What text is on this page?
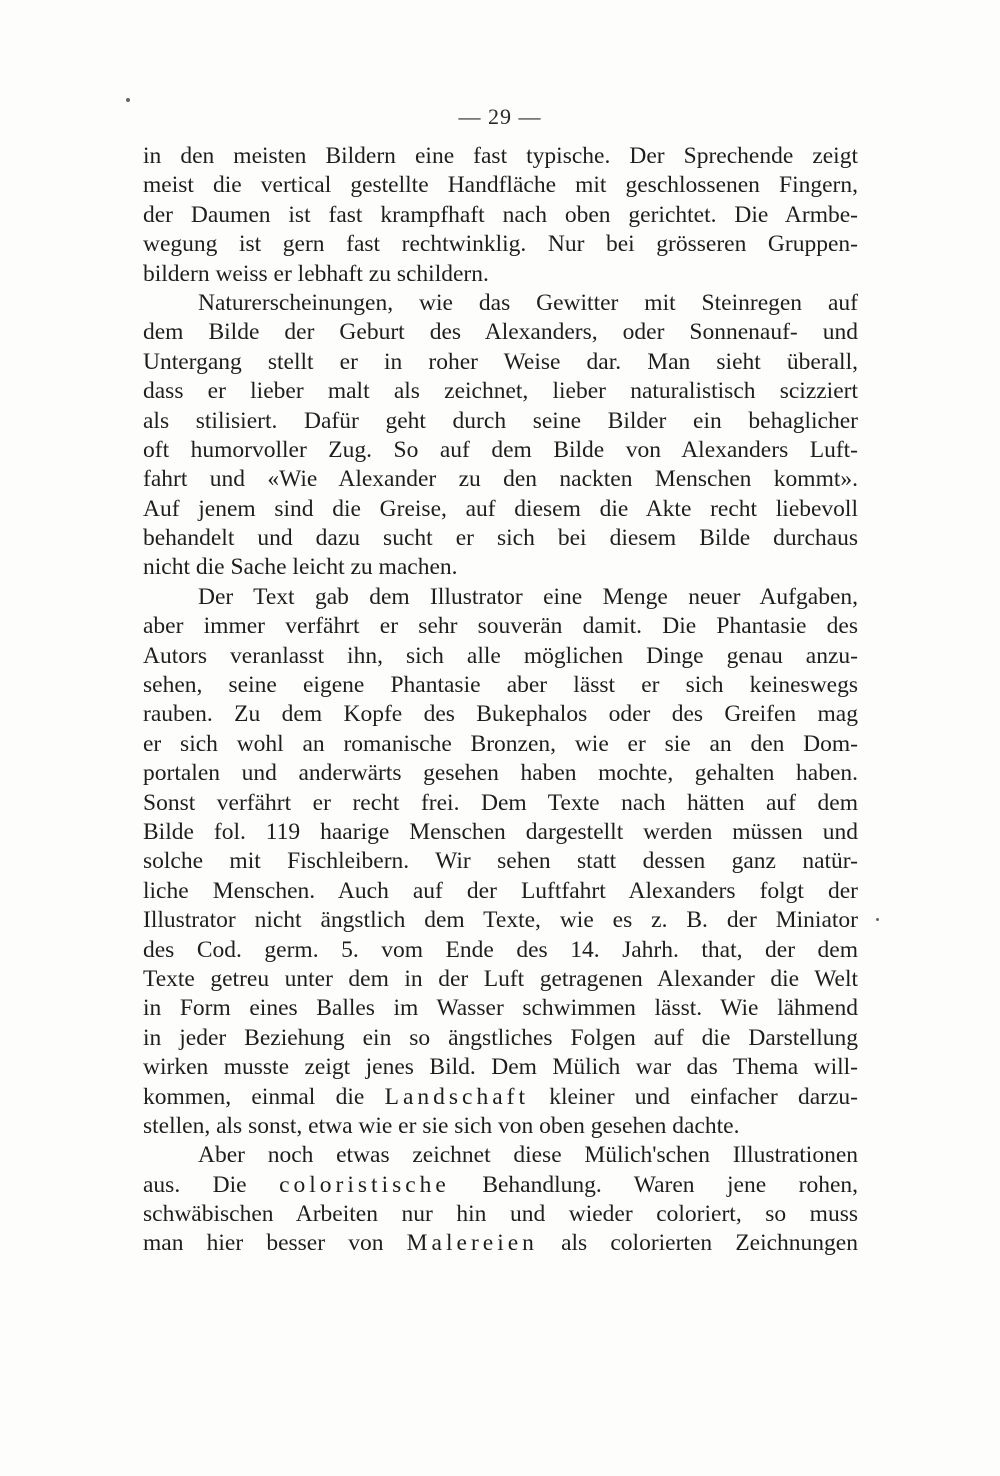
— 29 —
in den meisten Bildern eine fast typische. Der Sprechende zeigt
meist die vertical gestellte Handfläche mit geschlossenen Fingern,
der Daumen ist fast krampfhaft nach oben gerichtet. Die Armbe-
wegung ist gern fast rechtwinklig. Nur bei grösseren Gruppen-
bildern weiss er lebhaft zu schildern.
Naturerscheinungen, wie das Gewitter mit Steinregen auf
dem Bilde der Geburt des Alexanders, oder Sonnenauf- und
Untergang stellt er in roher Weise dar. Man sieht überall,
dass er lieber malt als zeichnet, lieber naturalistisch scizziert
als stilisiert. Dafür geht durch seine Bilder ein behaglicher
oft humorvoller Zug. So auf dem Bilde von Alexanders Luft-
fahrt und «Wie Alexander zu den nackten Menschen kommt».
Auf jenem sind die Greise, auf diesem die Akte recht liebevoll
behandelt und dazu sucht er sich bei diesem Bilde durchaus
nicht die Sache leicht zu machen.
Der Text gab dem Illustrator eine Menge neuer Aufgaben,
aber immer verfährt er sehr souverän damit. Die Phantasie des
Autors veranlasst ihn, sich alle möglichen Dinge genau anzu-
sehen, seine eigene Phantasie aber lässt er sich keineswegs
rauben. Zu dem Kopfe des Bukephalos oder des Greifen mag
er sich wohl an romanische Bronzen, wie er sie an den Dom-
portalen und anderwärts gesehen haben mochte, gehalten haben.
Sonst verfährt er recht frei. Dem Texte nach hätten auf dem
Bilde fol. 119 haarige Menschen dargestellt werden müssen und
solche mit Fischleibern. Wir sehen statt dessen ganz natür-
liche Menschen. Auch auf der Luftfahrt Alexanders folgt der
Illustrator nicht ängstlich dem Texte, wie es z. B. der Miniator
des Cod. germ. 5. vom Ende des 14. Jahrh. that, der dem
Texte getreu unter dem in der Luft getragenen Alexander die Welt
in Form eines Balles im Wasser schwimmen lässt. Wie lähmend
in jeder Beziehung ein so ängstliches Folgen auf die Darstellung
wirken musste zeigt jenes Bild. Dem Mülich war das Thema will-
kommen, einmal die Landschaft kleiner und einfacher darzu-
stellen, als sonst, etwa wie er sie sich von oben gesehen dachte.
Aber noch etwas zeichnet diese Mülich'schen Illustrationen
aus. Die coloristische Behandlung. Waren jene rohen,
schwäbischen Arbeiten nur hin und wieder coloriert, so muss
man hier besser von Malereien als colorierten Zeichnungen
